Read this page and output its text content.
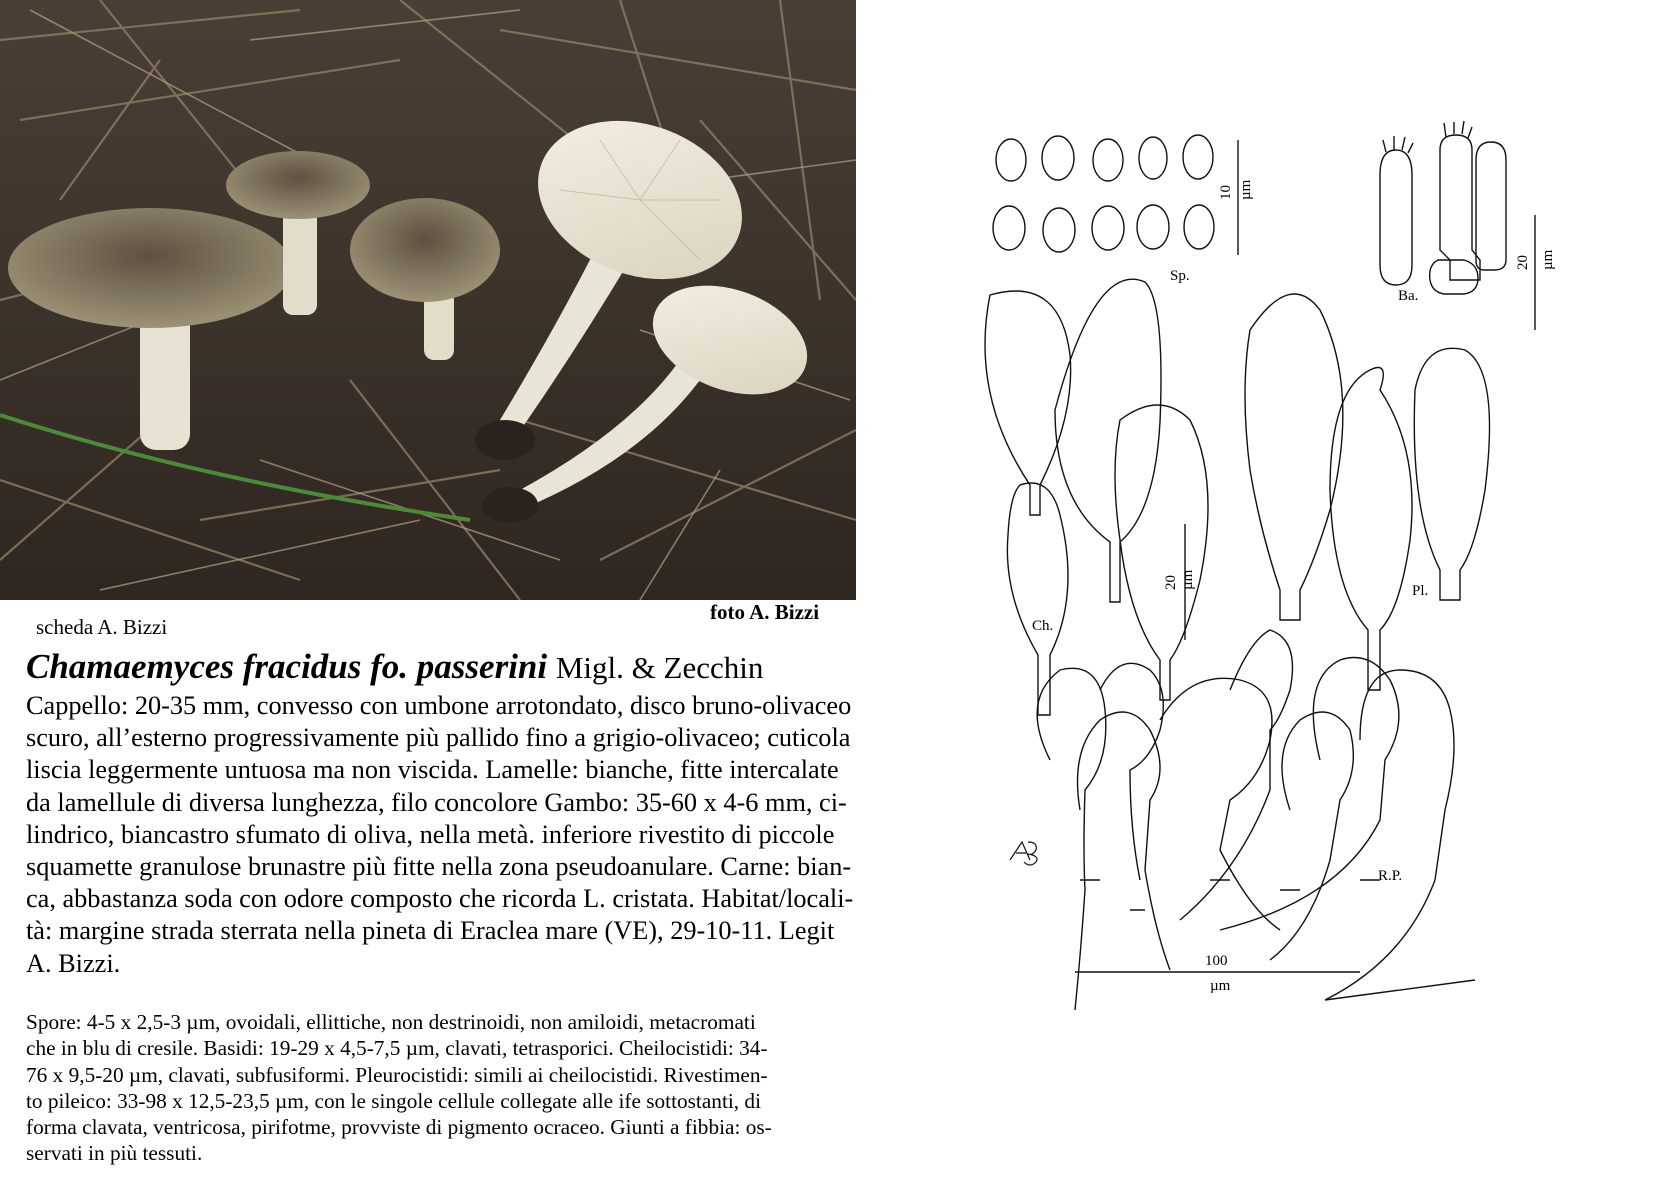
foto A. Bizzi
scheda A. Bizzi
Chamaemyces fracidus fo. passerini Migl. & Zecchin
Cappello: 20-35 mm, convesso con umbone arrotondato, disco bruno-olivaceo
scuro, all’esterno progressivamente più pallido fino a grigio-olivaceo; cuticola
liscia leggermente untuosa ma non viscida. Lamelle: bianche, fitte intercalate
da lamellule di diversa lunghezza, filo concolore Gambo: 35-60 x 4-6 mm, ci-
lindrico, biancastro sfumato di oliva, nella metà. inferiore rivestito di piccole
squamette granulose brunastre più fitte nella zona pseudoanulare. Carne: bian-
ca, abbastanza soda con odore composto che ricorda L. cristata. Habitat/locali-
tà: margine strada sterrata nella pineta di Eraclea mare (VE), 29-10-11. Legit
A. Bizzi.
Spore: 4-5 x 2,5-3 µm, ovoidali, ellittiche, non destrinoidi, non amiloidi, metacromati
che in blu di cresile. Basidi: 19-29 x 4,5-7,5 µm, clavati, tetrasporici. Cheilocistidi: 34-
76 x 9,5-20 µm, clavati, subfusiformi. Pleurocistidi: simili ai cheilocistidi. Rivestimen-
to pileico: 33-98 x 12,5-23,5 µm, con le singole cellule collegate alle ife sottostanti, di
forma clavata, ventricosa, pirifotme, provviste di pigmento ocraceo. Giunti a fibbia: os-
servati in più tessuti.
Sp.
10 µm
Ba.
20 µm
Ch.
20 µm
Pl.
R.P.
100
µm
